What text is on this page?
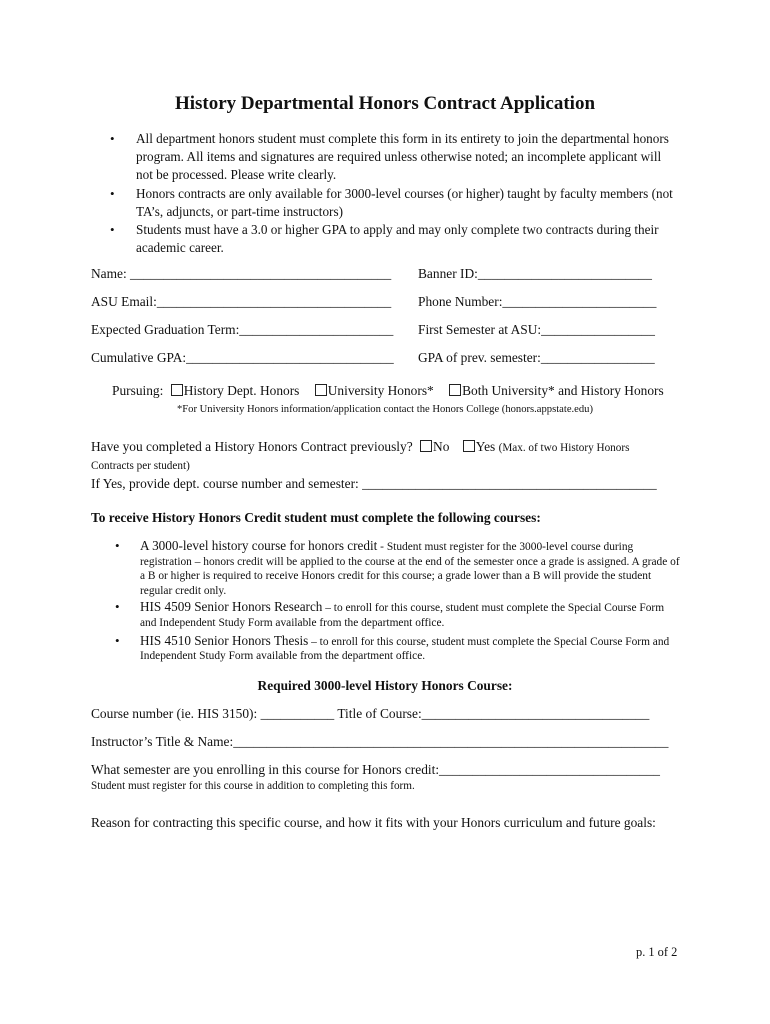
History Departmental Honors Contract Application
• All department honors student must complete this form in its entirety to join the departmental honors program. All items and signatures are required unless otherwise noted; an incomplete applicant will not be processed. Please write clearly.
• Honors contracts are only available for 3000-level courses (or higher) taught by faculty members (not TA’s, adjuncts, or part-time instructors)
• Students must have a 3.0 or higher GPA to apply and may only complete two contracts during their academic career.
Name: _______________________________________ Banner ID:__________________________
ASU Email:___________________________________ Phone Number:_______________________
Expected Graduation Term:_______________________ First Semester at ASU:_________________
Cumulative GPA:_______________________________ GPA of prev. semester:_________________
Pursuing: History Dept. Honors University Honors* Both University* and History Honors
*For University Honors information/application contact the Honors College (honors.appstate.edu)
Have you completed a History Honors Contract previously? No Yes (Max. of two History Honors
Contracts per student)
If Yes, provide dept. course number and semester: ____________________________________________
To receive History Honors Credit student must complete the following courses:
• A 3000-level history course for honors credit - Student must register for the 3000-level course during registration – honors credit will be applied to the course at the end of the semester once a grade is assigned. A grade of a B or higher is required to receive Honors credit for this course; a grade lower than a B will provide the student regular credit only.
• HIS 4509 Senior Honors Research – to enroll for this course, student must complete the Special Course Form and Independent Study Form available from the department office.
• HIS 4510 Senior Honors Thesis – to enroll for this course, student must complete the Special Course Form and Independent Study Form available from the department office.
Required 3000-level History Honors Course:
Course number (ie. HIS 3150): ___________ Title of Course:__________________________________
Instructor’s Title & Name:_________________________________________________________________
What semester are you enrolling in this course for Honors credit:_________________________________
Student must register for this course in addition to completing this form.
Reason for contracting this specific course, and how it fits with your Honors curriculum and future goals:
p. 1 of 2
